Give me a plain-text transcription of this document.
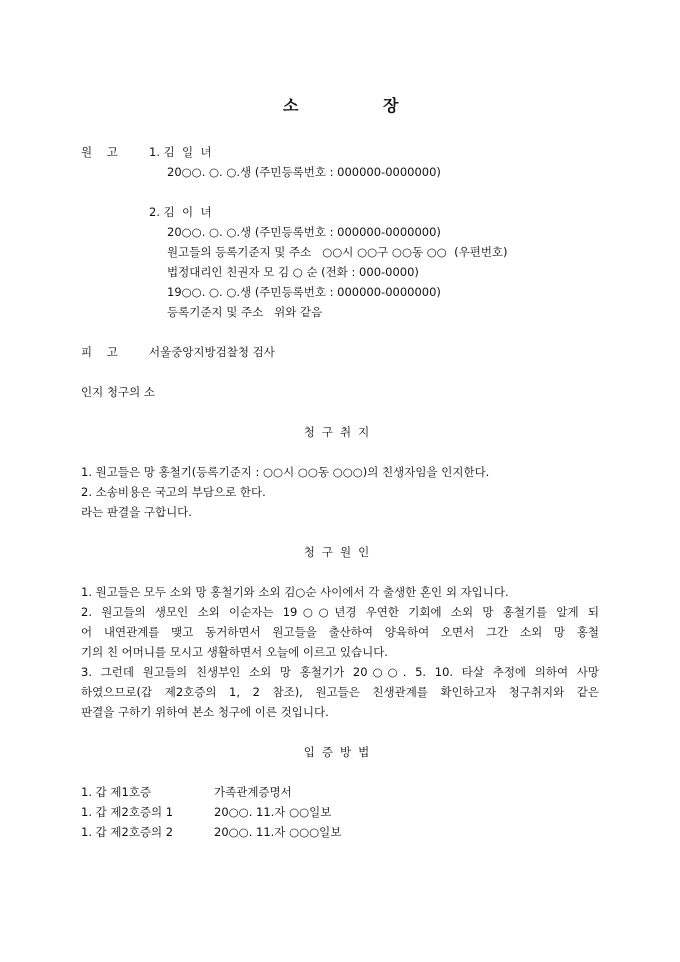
소	장
원    고	1. 김  일  녀
20○○. ○. ○.생 (주민등록번호 : 000000-0000000)
2. 김  이  녀
20○○. ○. ○.생 (주민등록번호 : 000000-0000000)
원고들의 등록기준지 및 주소   ○○시 ○○구 ○○동 ○○  (우편번호)
법정대리인 친권자 모 김 ○ 순 (전화 : 000-0000)
19○○. ○. ○.생 (주민등록번호 : 000000-0000000)
등록기준지 및 주소   위와 같음
피    고	서울중앙지방검찰청 검사
인지 청구의 소
청구취지
1. 원고들은 망 홍철기(등록기준지 : ○○시 ○○동 ○○○)의 친생자임을 인지한다.
2. 소송비용은 국고의 부담으로 한다.
라는 판결을 구합니다.
청구원인
1. 원고들은 모두 소외 망 홍철기와 소외 김○순 사이에서 각 출생한 혼인 외 자입니다.
2. 원고들의 생모인 소외 이순자는 19○○년경 우연한 기회에 소외 망 홍철기를 알게 되
어 내연관계를 맺고 동거하면서 원고들을 출산하여 양육하여 오면서 그간 소외 망 홍철
기의 친 어머니를 모시고 생활하면서 오늘에 이르고 있습니다.
3. 그런데 원고들의 친생부인 소외 망 홍철기가 20○○. 5. 10. 타살 추정에 의하여 사망
하였으므로(갑 제2호증의 1, 2 참조), 원고들은 친생관계를 확인하고자 청구취지와 같은
판결을 구하기 위하여 본소 청구에 이른 것입니다.
입증방법
1. 갑 제1호증	가족관계증명서
1. 갑 제2호증의 1	20○○. 11.자 ○○일보
1. 갑 제2호증의 2	20○○. 11.자 ○○○일보
